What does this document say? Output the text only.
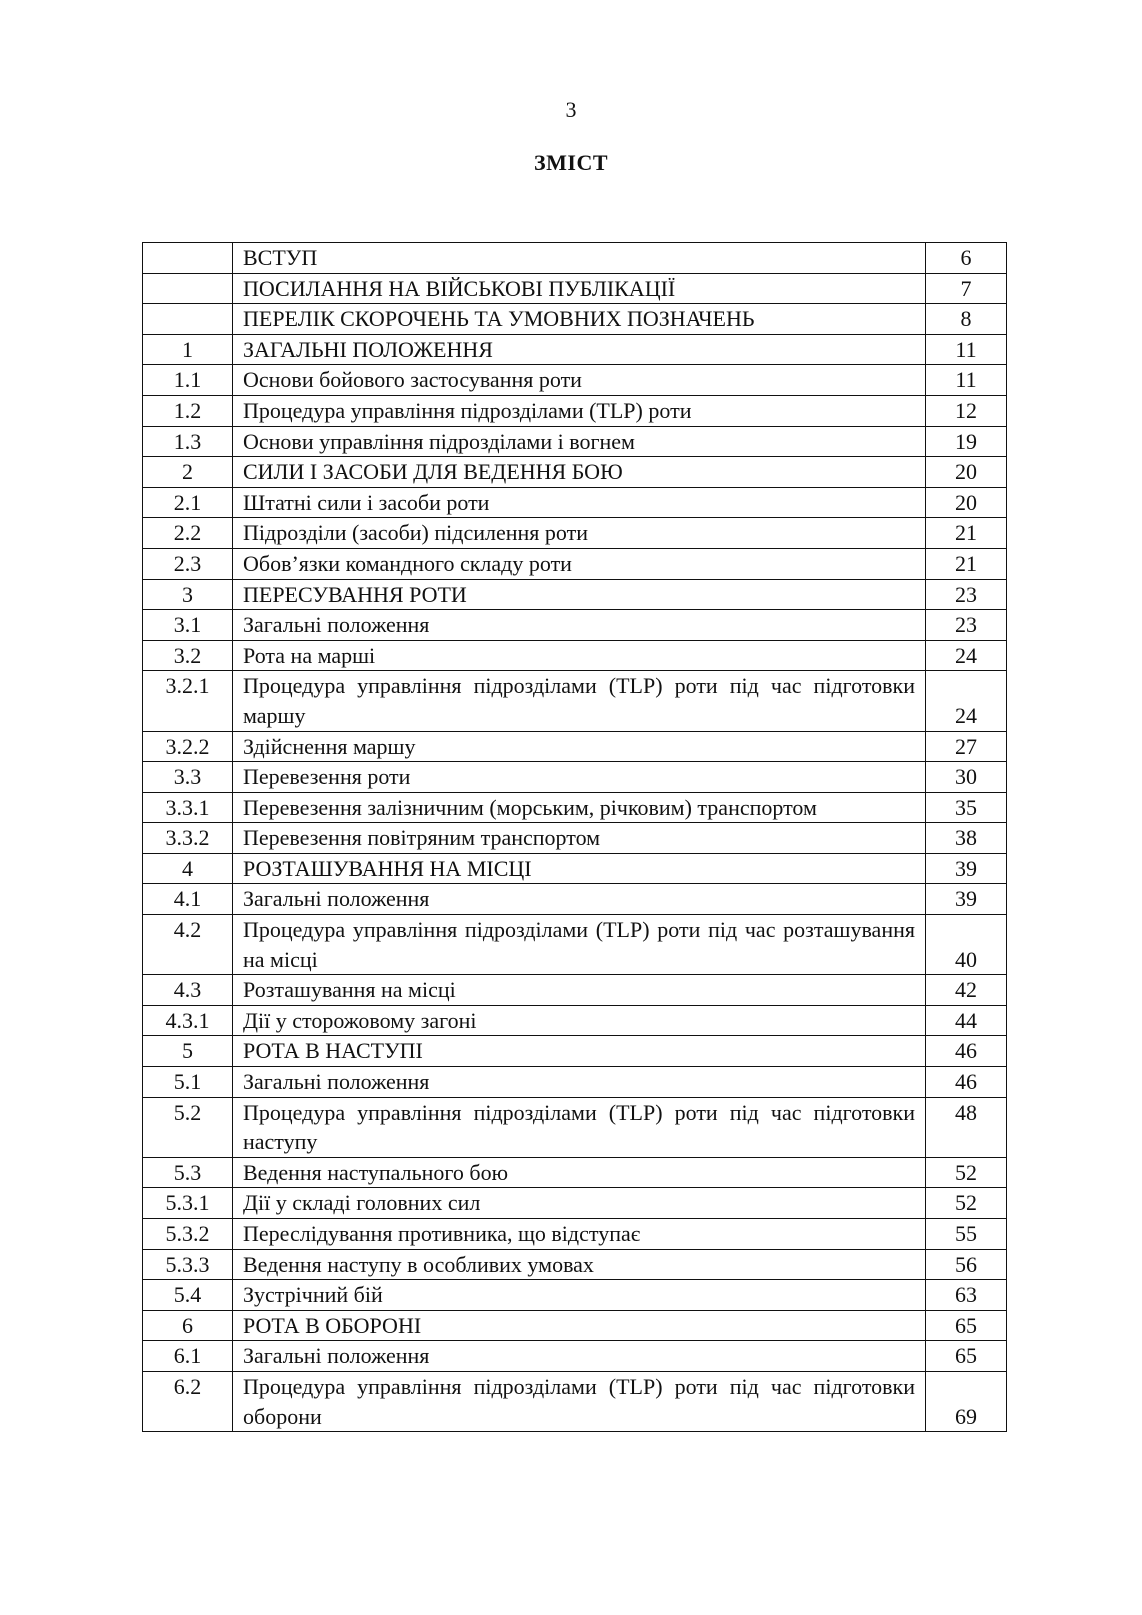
3
ЗМІСТ
	ВСТУП	6
	ПОСИЛАННЯ НА ВІЙСЬКОВІ ПУБЛІКАЦІЇ	7
	ПЕРЕЛІК СКОРОЧЕНЬ ТА УМОВНИХ ПОЗНАЧЕНЬ	8
1	ЗАГАЛЬНІ ПОЛОЖЕННЯ	11
1.1	Основи бойового застосування роти	11
1.2	Процедура управління підрозділами (TLP) роти	12
1.3	Основи управління підрозділами і вогнем	19
2	СИЛИ І ЗАСОБИ ДЛЯ ВЕДЕННЯ БОЮ	20
2.1	Штатні сили і засоби роти	20
2.2	Підрозділи (засоби) підсилення роти	21
2.3	Обов’язки командного складу роти	21
3	ПЕРЕСУВАННЯ РОТИ	23
3.1	Загальні положення	23
3.2	Рота на марші	24
3.2.1	Процедура управління підрозділами (TLP) роти під час підготовки маршу	24
3.2.2	Здійснення маршу	27
3.3	Перевезення роти	30
3.3.1	Перевезення залізничним (морським, річковим) транспортом	35
3.3.2	Перевезення повітряним транспортом	38
4	РОЗТАШУВАННЯ НА МІСЦІ	39
4.1	Загальні положення	39
4.2	Процедура управління підрозділами (TLP) роти під час розташування на місці	40
4.3	Розташування на місці	42
4.3.1	Дії у сторожовому загоні	44
5	РОТА В НАСТУПІ	46
5.1	Загальні положення	46
5.2	Процедура управління підрозділами (TLP) роти під час підготовки наступу	48
5.3	Ведення наступального бою	52
5.3.1	Дії у складі головних сил	52
5.3.2	Переслідування противника, що відступає	55
5.3.3	Ведення наступу в особливих умовах	56
5.4	Зустрічний бій	63
6	РОТА В ОБОРОНІ	65
6.1	Загальні положення	65
6.2	Процедура управління підрозділами (TLP) роти під час підготовки оборони	69
